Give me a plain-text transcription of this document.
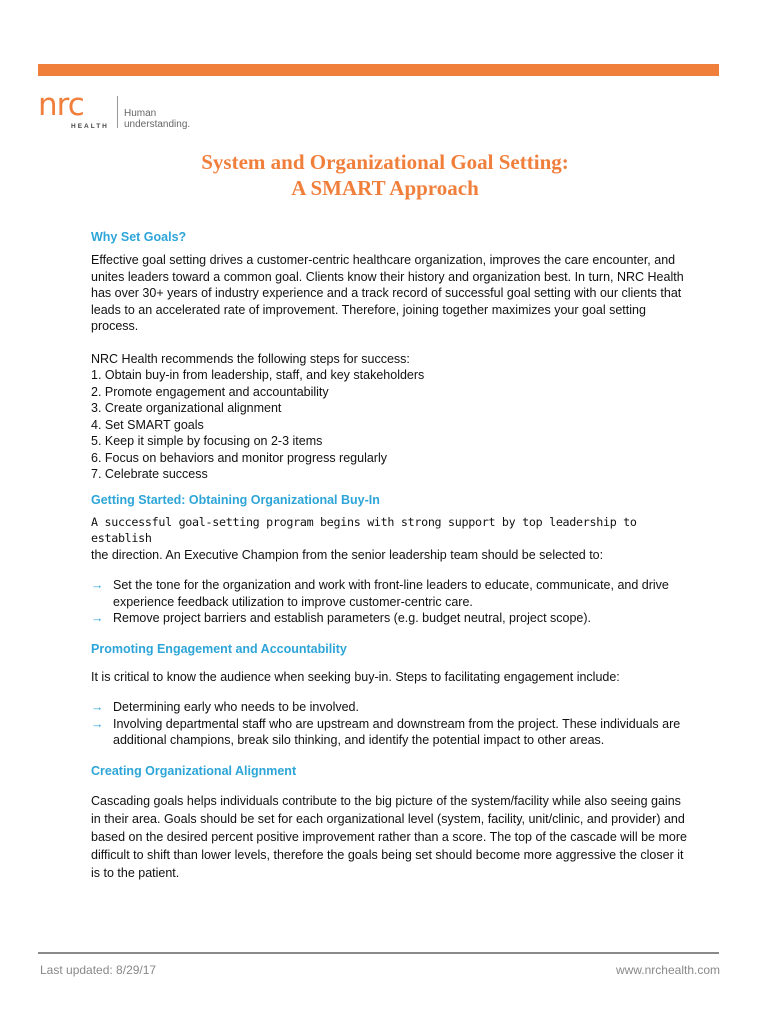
nrc
HEALTH
Human understanding.
System and Organizational Goal Setting:
A SMART Approach

Why Set Goals?

Effective goal setting drives a customer-centric healthcare organization, improves the care encounter, and unites leaders toward a common goal. Clients know their history and organization best. In turn, NRC Health has over 30+ years of industry experience and a track record of successful goal setting with our clients that leads to an accelerated rate of improvement. Therefore, joining together maximizes your goal setting process.

NRC Health recommends the following steps for success:

1. Obtain buy-in from leadership, staff, and key stakeholders
2. Promote engagement and accountability
3. Create organizational alignment
4. Set SMART goals
5. Keep it simple by focusing on 2-3 items
6. Focus on behaviors and monitor progress regularly
7. Celebrate success

Getting Started: Obtaining Organizational Buy-In

A successful goal-setting program begins with strong support by top leadership to establish
the direction. An Executive Champion from the senior leadership team should be selected to:

→ Set the tone for the organization and work with front-line leaders to educate, communicate, and drive experience feedback utilization to improve customer-centric care.
→ Remove project barriers and establish parameters (e.g. budget neutral, project scope).

Promoting Engagement and Accountability

It is critical to know the audience when seeking buy-in. Steps to facilitating engagement include:

→ Determining early who needs to be involved.
→ Involving departmental staff who are upstream and downstream from the project. These individuals are additional champions, break silo thinking, and identify the potential impact to other areas.

Creating Organizational Alignment

Cascading goals helps individuals contribute to the big picture of the system/facility while also seeing gains in their area. Goals should be set for each organizational level (system, facility, unit/clinic, and provider) and based on the desired percent positive improvement rather than a score. The top of the cascade will be more difficult to shift than lower levels, therefore the goals being set should become more aggressive the closer it is to the patient.

Last updated: 8/29/17	www.nrchealth.com
